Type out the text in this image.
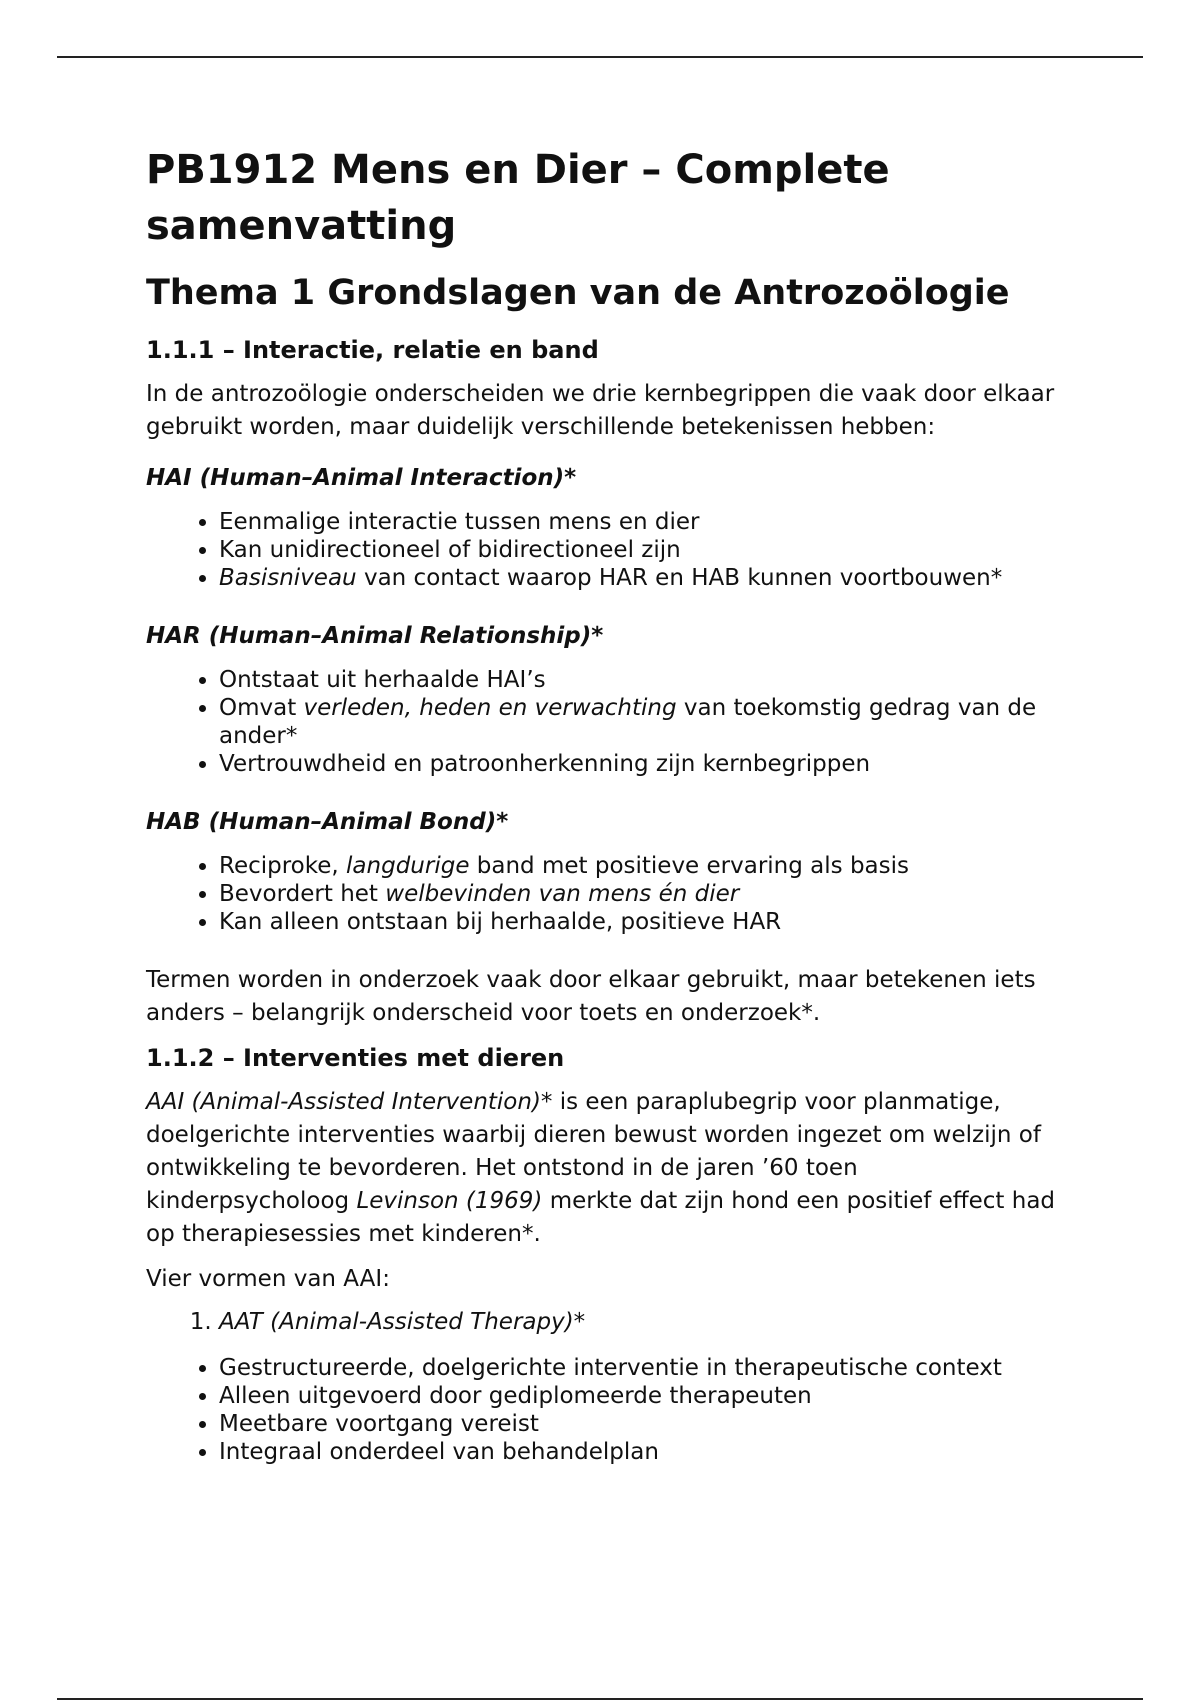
PB1912 Mens en Dier – Complete samenvatting
Thema 1 Grondslagen van de Antrozoölogie
1.1.1 – Interactie, relatie en band

In de antrozoölogie onderscheiden we drie kernbegrippen die vaak door elkaar gebruikt worden, maar duidelijk verschillende betekenissen hebben:

HAI (Human–Animal Interaction)*
• Eenmalige interactie tussen mens en dier
• Kan unidirectioneel of bidirectioneel zijn
• Basisniveau van contact waarop HAR en HAB kunnen voortbouwen*
HAR (Human–Animal Relationship)*
• Ontstaat uit herhaalde HAI’s
• Omvat verleden, heden en verwachting van toekomstig gedrag van de ander*
• Vertrouwdheid en patroonherkenning zijn kernbegrippen
HAB (Human–Animal Bond)*
• Reciproke, langdurige band met positieve ervaring als basis
• Bevordert het welbevinden van mens én dier
• Kan alleen ontstaan bij herhaalde, positieve HAR

Termen worden in onderzoek vaak door elkaar gebruikt, maar betekenen iets anders – belangrijk onderscheid voor toets en onderzoek*.

1.1.2 – Interventies met dieren

AAI (Animal-Assisted Intervention)* is een paraplubegrip voor planmatige, doelgerichte interventies waarbij dieren bewust worden ingezet om welzijn of ontwikkeling te bevorderen. Het ontstond in de jaren ’60 toen kinderpsycholoog Levinson (1969) merkte dat zijn hond een positief effect had op therapiesessies met kinderen*.

Vier vormen van AAI:

1. AAT (Animal-Assisted Therapy)*
• Gestructureerde, doelgerichte interventie in therapeutische context
• Alleen uitgevoerd door gediplomeerde therapeuten
• Meetbare voortgang vereist
• Integraal onderdeel van behandelplan
